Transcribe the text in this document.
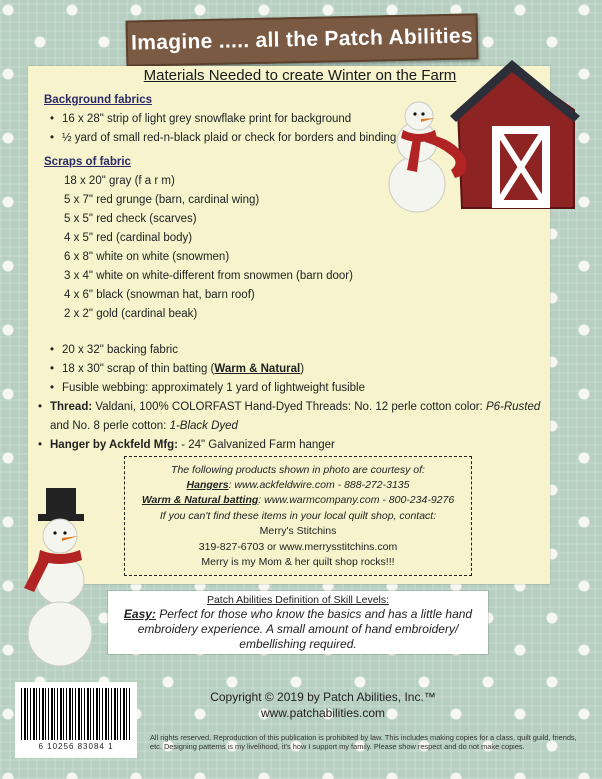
Imagine ..... all the Patch Abilities
Materials Needed to create Winter on the Farm
Background fabrics
• 16 x 28" strip of light grey snowflake print for background
• ½ yard of small red-n-black plaid or check for borders and binding
Scraps of fabric
18 x 20" gray (f a r m)
5 x 7" red grunge (barn, cardinal wing)
5 x 5" red check (scarves)
4 x 5" red (cardinal body)
6 x 8" white on white (snowmen)
3 x 4" white on white-different from snowmen (barn door)
4 x 6" black (snowman hat, barn roof)
2 x 2" gold (cardinal beak)
• 20 x 32" backing fabric
• 18 x 30" scrap of thin batting (Warm & Natural)
• Fusible webbing: approximately 1 yard of lightweight fusible
• Thread: Valdani, 100% COLORFAST Hand-Dyed Threads: No. 12 perle cotton color: P6-Rusted
and No. 8 perle cotton: 1-Black Dyed
• Hanger by Ackfeld Mfg: - 24" Galvanized Farm hanger
The following products shown in photo are courtesy of:
Hangers: www.ackfeldwire.com - 888-272-3135
Warm & Natural batting: www.warmcompany.com - 800-234-9276
If you can't find these items in your local quilt shop, contact:
Merry's Stitchins
319-827-6703 or www.merrysstitchins.com
Merry is my Mom & her quilt shop rocks!!!
Patch Abilities Definition of Skill Levels:
Easy: Perfect for those who know the basics and has a little hand
embroidery experience. A small amount of hand embroidery/
embellishing required.
Copyright © 2019 by Patch Abilities, Inc.™
www.patchabilities.com
All rights reserved. Reproduction of this publication is prohibited by law. This includes making copies for a class, quilt guild, friends, etc. Designing patterns is my livelihood, it's how I support my family. Please show respect and do not make copies.
6 10256 83084 1
